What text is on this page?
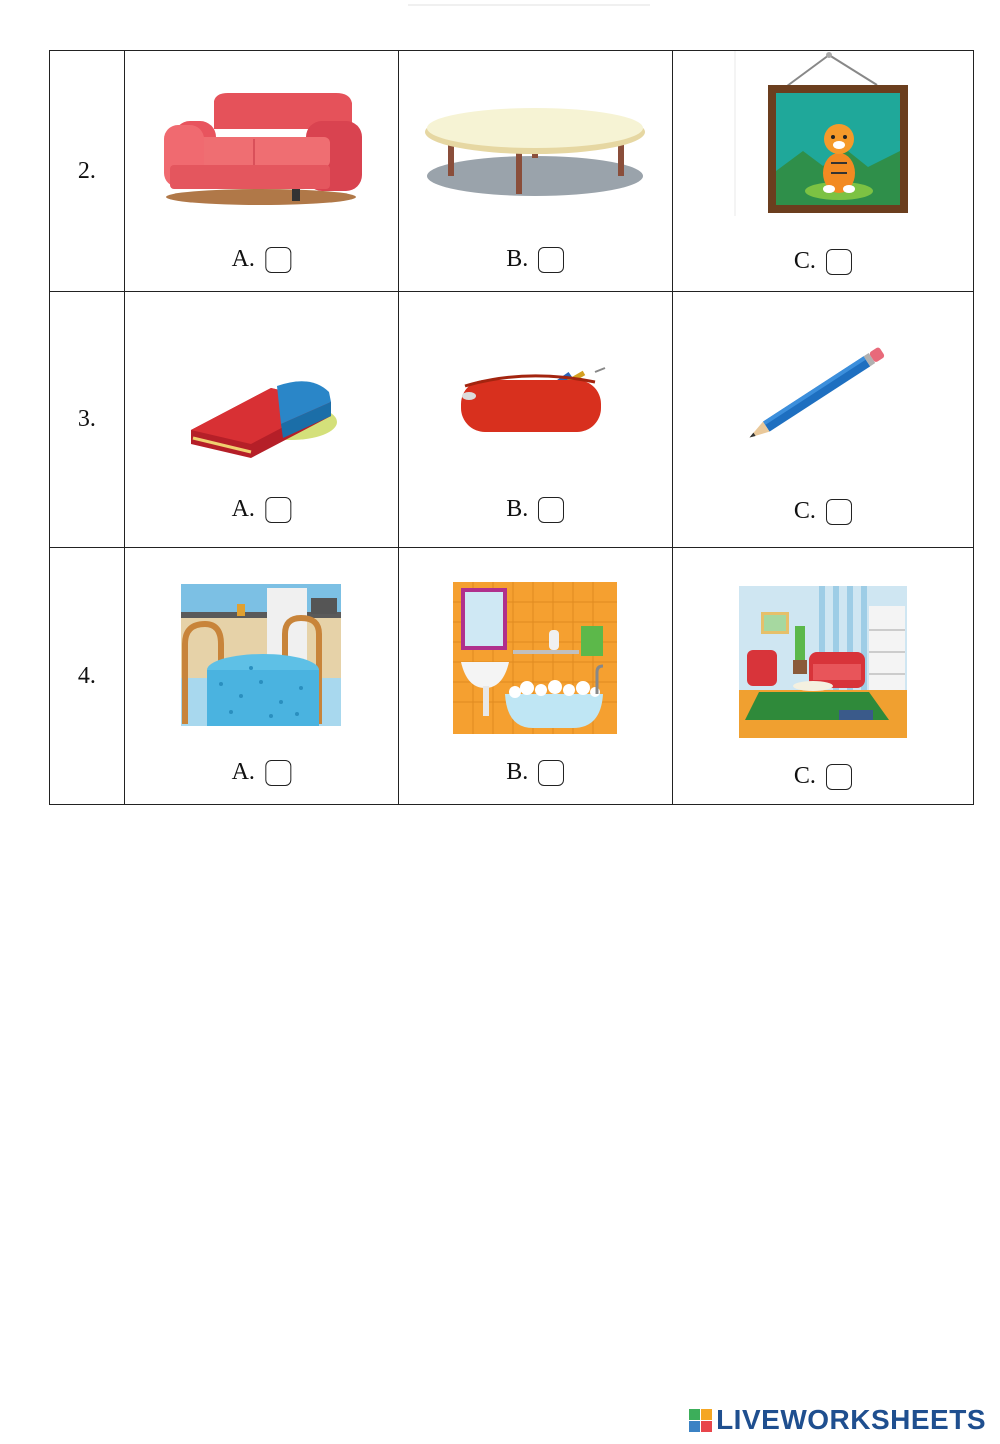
2.	A.	B.	C.

3.	A.	B.	C.

4.	A.	B.	C.
LIVEWORKSHEETS
